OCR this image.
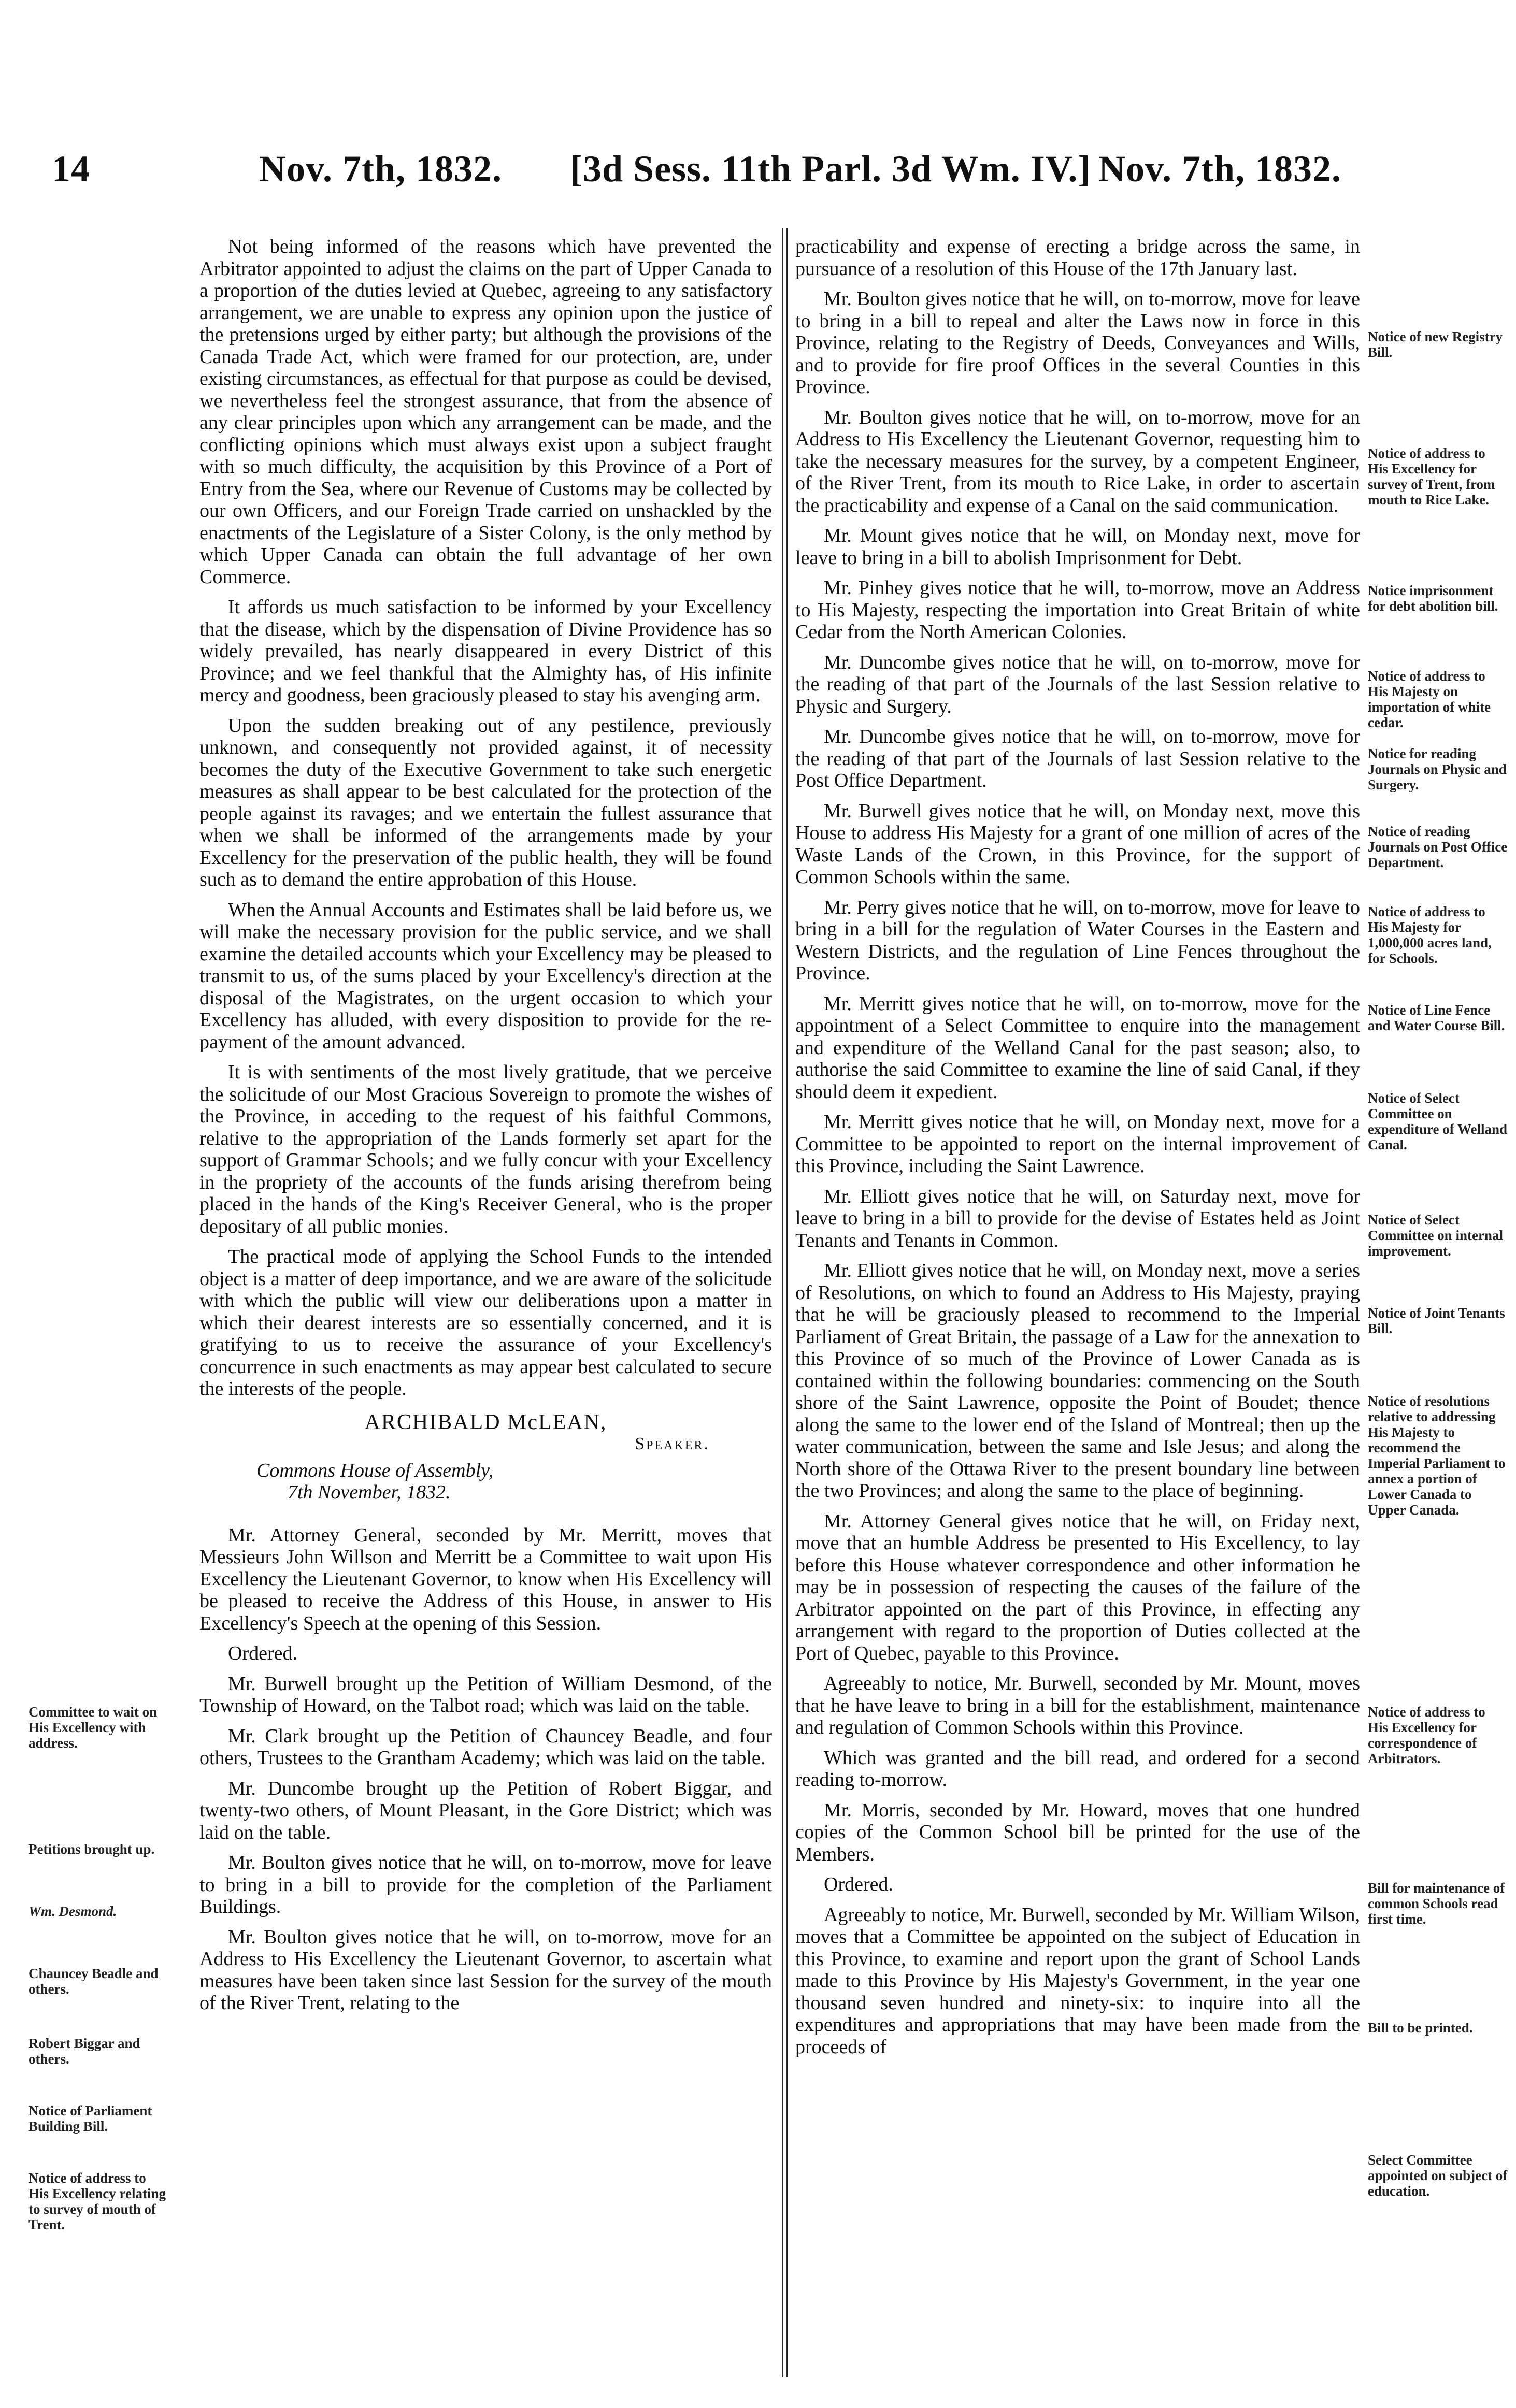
14	Nov. 7th, 1832. [3d Sess. 11th Parl. 3d Wm. IV.] Nov. 7th, 1832.

Not being informed of the reasons which have prevented the Arbitrator appointed to adjust the claims on the part of Upper Canada to a proportion of the duties levied at Quebec, agreeing to any satisfactory arrangement, we are unable to express any opinion upon the justice of the pretensions urged by either party; but although the provisions of the Canada Trade Act, which were framed for our protection, are, under existing circumstances, as effectual for that purpose as could be devised, we nevertheless feel the strongest assurance, that from the absence of any clear principles upon which any arrangement can be made, and the conflicting opinions which must always exist upon a subject fraught with so much difficulty, the acquisition by this Province of a Port of Entry from the Sea, where our Revenue of Customs may be collected by our own Officers, and our Foreign Trade carried on unshackled by the enactments of the Legislature of a Sister Colony, is the only method by which Upper Canada can obtain the full advantage of her own Commerce.

It affords us much satisfaction to be informed by your Excellency that the disease, which by the dispensation of Divine Providence has so widely prevailed, has nearly disappeared in every District of this Province; and we feel thankful that the Almighty has, of His infinite mercy and goodness, been graciously pleased to stay his avenging arm.

Upon the sudden breaking out of any pestilence, previously unknown, and consequently not provided against, it of necessity becomes the duty of the Executive Government to take such energetic measures as shall appear to be best calculated for the protection of the people against its ravages; and we entertain the fullest assurance that when we shall be informed of the arrangements made by your Excellency for the preservation of the public health, they will be found such as to demand the entire approbation of this House.

When the Annual Accounts and Estimates shall be laid before us, we will make the necessary provision for the public service, and we shall examine the detailed accounts which your Excellency may be pleased to transmit to us, of the sums placed by your Excellency's direction at the disposal of the Magistrates, on the urgent occasion to which your Excellency has alluded, with every disposition to provide for the re-payment of the amount advanced.

It is with sentiments of the most lively gratitude, that we perceive the solicitude of our Most Gracious Sovereign to promote the wishes of the Province, in acceding to the request of his faithful Commons, relative to the appropriation of the Lands formerly set apart for the support of Grammar Schools; and we fully concur with your Excellency in the propriety of the accounts of the funds arising therefrom being placed in the hands of the King's Receiver General, who is the proper depositary of all public monies.

The practical mode of applying the School Funds to the intended object is a matter of deep importance, and we are aware of the solicitude with which the public will view our deliberations upon a matter in which their dearest interests are so essentially concerned, and it is gratifying to us to receive the assurance of your Excellency's concurrence in such enactments as may appear best calculated to secure the interests of the people.

ARCHIBALD McLEAN,
Speaker.
Commons House of Assembly,
7th November, 1832.

Mr. Attorney General, seconded by Mr. Merritt, moves that Messieurs John Willson and Merritt be a Committee to wait upon His Excellency the Lieutenant Governor, to know when His Excellency will be pleased to receive the Address of this House, in answer to His Excellency's Speech at the opening of this Session.

Ordered.

Mr. Burwell brought up the Petition of William Desmond, of the Township of Howard, on the Talbot road; which was laid on the table.

Mr. Clark brought up the Petition of Chauncey Beadle, and four others, Trustees to the Grantham Academy; which was laid on the table.

Mr. Duncombe brought up the Petition of Robert Biggar, and twenty-two others, of Mount Pleasant, in the Gore District; which was laid on the table.

Mr. Boulton gives notice that he will, on to-morrow, move for leave to bring in a bill to provide for the completion of the Parliament Buildings.

Mr. Boulton gives notice that he will, on to-morrow, move for an Address to His Excellency the Lieutenant Governor, to ascertain what measures have been taken since last Session for the survey of the mouth of the River Trent, relating to the

practicability and expense of erecting a bridge across the same, in pursuance of a resolution of this House of the 17th January last.

Mr. Boulton gives notice that he will, on to-morrow, move for leave to bring in a bill to repeal and alter the Laws now in force in this Province, relating to the Registry of Deeds, Conveyances and Wills, and to provide for fire proof Offices in the several Counties in this Province.

Mr. Boulton gives notice that he will, on to-morrow, move for an Address to His Excellency the Lieutenant Governor, requesting him to take the necessary measures for the survey, by a competent Engineer, of the River Trent, from its mouth to Rice Lake, in order to ascertain the practicability and expense of a Canal on the said communication.

Mr. Mount gives notice that he will, on Monday next, move for leave to bring in a bill to abolish Imprisonment for Debt.

Mr. Pinhey gives notice that he will, to-morrow, move an Address to His Majesty, respecting the importation into Great Britain of white Cedar from the North American Colonies.

Mr. Duncombe gives notice that he will, on to-morrow, move for the reading of that part of the Journals of the last Session relative to Physic and Surgery.

Mr. Duncombe gives notice that he will, on to-morrow, move for the reading of that part of the Journals of last Session relative to the Post Office Department.

Mr. Burwell gives notice that he will, on Monday next, move this House to address His Majesty for a grant of one million of acres of the Waste Lands of the Crown, in this Province, for the support of Common Schools within the same.

Mr. Perry gives notice that he will, on to-morrow, move for leave to bring in a bill for the regulation of Water Courses in the Eastern and Western Districts, and the regulation of Line Fences throughout the Province.

Mr. Merritt gives notice that he will, on to-morrow, move for the appointment of a Select Committee to enquire into the management and expenditure of the Welland Canal for the past season; also, to authorise the said Committee to examine the line of said Canal, if they should deem it expedient.

Mr. Merritt gives notice that he will, on Monday next, move for a Committee to be appointed to report on the internal improvement of this Province, including the Saint Lawrence.

Mr. Elliott gives notice that he will, on Saturday next, move for leave to bring in a bill to provide for the devise of Estates held as Joint Tenants and Tenants in Common.

Mr. Elliott gives notice that he will, on Monday next, move a series of Resolutions, on which to found an Address to His Majesty, praying that he will be graciously pleased to recommend to the Imperial Parliament of Great Britain, the passage of a Law for the annexation to this Province of so much of the Province of Lower Canada as is contained within the following boundaries: commencing on the South shore of the Saint Lawrence, opposite the Point of Boudet; thence along the same to the lower end of the Island of Montreal; then up the water communication, between the same and Isle Jesus; and along the North shore of the Ottawa River to the present boundary line between the two Provinces; and along the same to the place of beginning.

Mr. Attorney General gives notice that he will, on Friday next, move that an humble Address be presented to His Excellency, to lay before this House whatever correspondence and other information he may be in possession of respecting the causes of the failure of the Arbitrator appointed on the part of this Province, in effecting any arrangement with regard to the proportion of Duties collected at the Port of Quebec, payable to this Province.

Agreeably to notice, Mr. Burwell, seconded by Mr. Mount, moves that he have leave to bring in a bill for the establishment, maintenance and regulation of Common Schools within this Province.

Which was granted and the bill read, and ordered for a second reading to-morrow.

Mr. Morris, seconded by Mr. Howard, moves that one hundred copies of the Common School bill be printed for the use of the Members.

Ordered.

Agreeably to notice, Mr. Burwell, seconded by Mr. William Wilson, moves that a Committee be appointed on the subject of Education in this Province, to examine and report upon the grant of School Lands made to this Province by His Majesty's Government, in the year one thousand seven hundred and ninety-six: to inquire into all the expenditures and appropriations that may have been made from the proceeds of

Committee to wait on His Excellency with address.
Petitions brought up.
Wm. Desmond.
Chauncey Beadle and others.
Robert Biggar and others.
Notice of Parliament Building Bill.
Notice of address to His Excellency relating to survey of mouth of Trent.
Notice of new Registry Bill.
Notice of address to His Excellency for survey of Trent, from mouth to Rice Lake.
Notice imprisonment for debt abolition bill.
Notice of address to His Majesty on importation of white cedar.
Notice for reading Journals on Physic and Surgery.
Notice of reading Journals on Post Office Department.
Notice of address to His Majesty for 1,000,000 acres land, for Schools.
Notice of Line Fence and Water Course Bill.
Notice of Select Committee on expenditure of Welland Canal.
Notice of Select Committee on internal improvement.
Notice of Joint Tenants Bill.
Notice of resolutions relative to addressing His Majesty to recommend the Imperial Parliament to annex a portion of Lower Canada to Upper Canada.
Notice of address to His Excellency for correspondence of Arbitrators.
Bill for maintenance of common Schools read first time.
Bill to be printed.
Select Committee appointed on subject of education.
